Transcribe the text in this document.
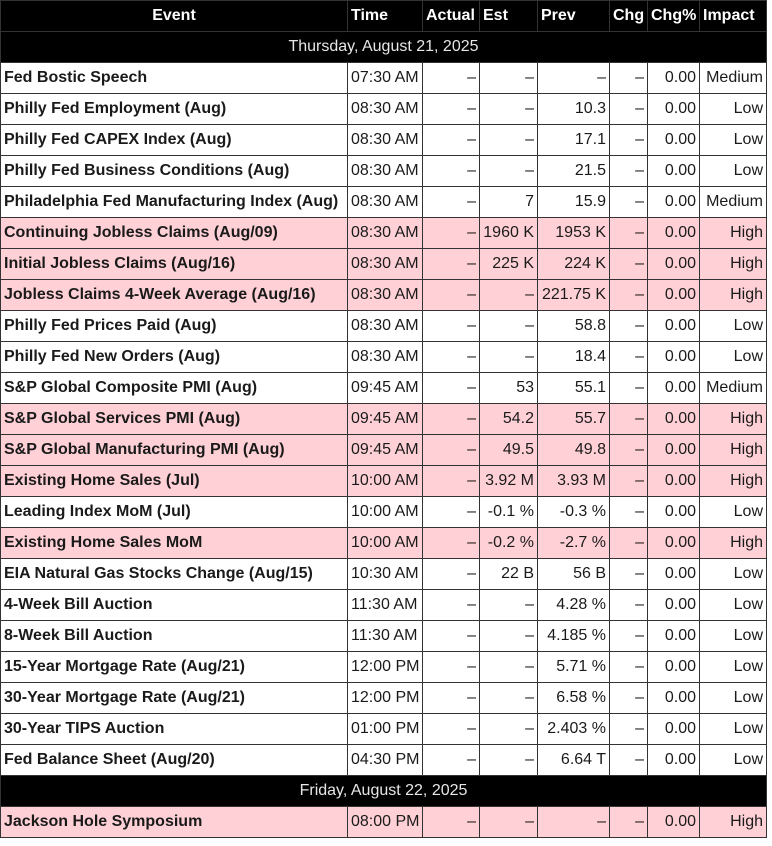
Event	Time	Actual	Est	Prev	Chg	Chg%	Impact
Thursday, August 21, 2025							
Fed Bostic Speech	07:30 AM	–	–	–	–	0.00	Medium
Philly Fed Employment (Aug)	08:30 AM	–	–	10.3	–	0.00	Low
Philly Fed CAPEX Index (Aug)	08:30 AM	–	–	17.1	–	0.00	Low
Philly Fed Business Conditions (Aug)	08:30 AM	–	–	21.5	–	0.00	Low
Philadelphia Fed Manufacturing Index (Aug)	08:30 AM	–	7	15.9	–	0.00	Medium
Continuing Jobless Claims (Aug/09)	08:30 AM	–	1960 K	1953 K	–	0.00	High
Initial Jobless Claims (Aug/16)	08:30 AM	–	225 K	224 K	–	0.00	High
Jobless Claims 4-Week Average (Aug/16)	08:30 AM	–	–	221.75 K	–	0.00	High
Philly Fed Prices Paid (Aug)	08:30 AM	–	–	58.8	–	0.00	Low
Philly Fed New Orders (Aug)	08:30 AM	–	–	18.4	–	0.00	Low
S&P Global Composite PMI (Aug)	09:45 AM	–	53	55.1	–	0.00	Medium
S&P Global Services PMI (Aug)	09:45 AM	–	54.2	55.7	–	0.00	High
S&P Global Manufacturing PMI (Aug)	09:45 AM	–	49.5	49.8	–	0.00	High
Existing Home Sales (Jul)	10:00 AM	–	3.92 M	3.93 M	–	0.00	High
Leading Index MoM (Jul)	10:00 AM	–	-0.1 %	-0.3 %	–	0.00	Low
Existing Home Sales MoM	10:00 AM	–	-0.2 %	-2.7 %	–	0.00	High
EIA Natural Gas Stocks Change (Aug/15)	10:30 AM	–	22 B	56 B	–	0.00	Low
4-Week Bill Auction	11:30 AM	–	–	4.28 %	–	0.00	Low
8-Week Bill Auction	11:30 AM	–	–	4.185 %	–	0.00	Low
15-Year Mortgage Rate (Aug/21)	12:00 PM	–	–	5.71 %	–	0.00	Low
30-Year Mortgage Rate (Aug/21)	12:00 PM	–	–	6.58 %	–	0.00	Low
30-Year TIPS Auction	01:00 PM	–	–	2.403 %	–	0.00	Low
Fed Balance Sheet (Aug/20)	04:30 PM	–	–	6.64 T	–	0.00	Low
Friday, August 22, 2025							
Jackson Hole Symposium	08:00 PM	–	–	–	–	0.00	High
